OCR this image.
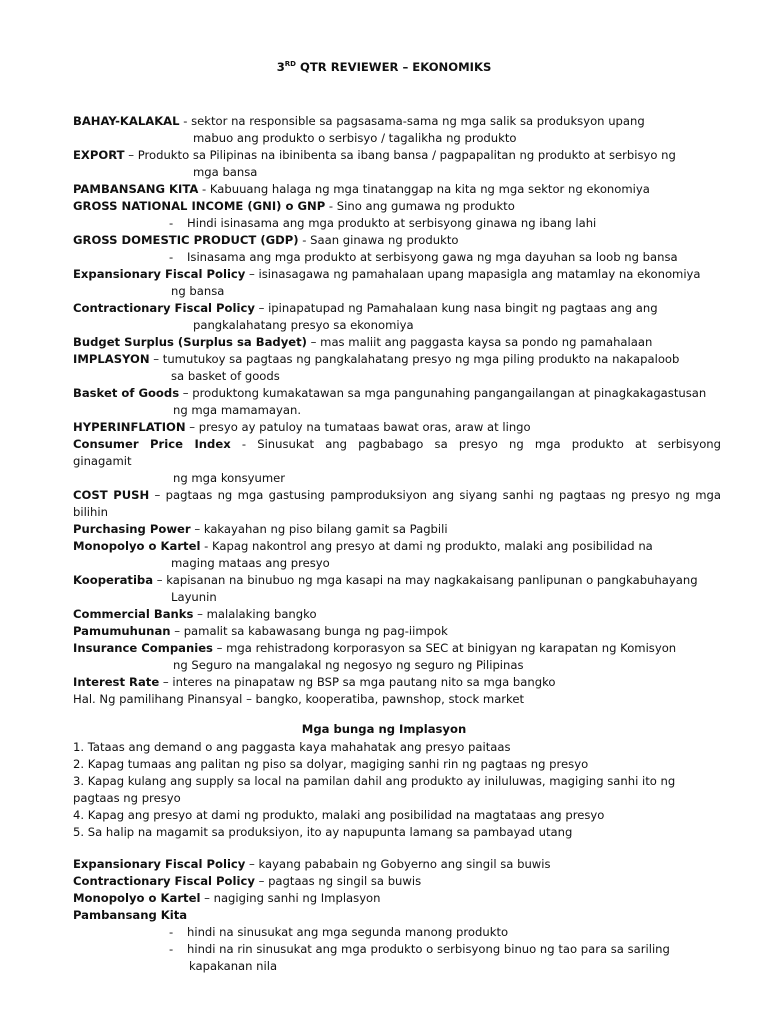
3RD QTR REVIEWER – EKONOMIKS
BAHAY-KALAKAL - sektor na responsible sa pagsasama-sama ng mga salik sa produksyon upang
mabuo ang produkto o serbisyo / tagalikha ng produkto
EXPORT – Produkto sa Pilipinas na ibinibenta sa ibang bansa / pagpapalitan ng produkto at serbisyo ng
mga bansa
PAMBANSANG KITA - Kabuuang halaga ng mga tinatanggap na kita ng mga sektor ng ekonomiya
GROSS NATIONAL INCOME (GNI) o GNP - Sino ang gumawa ng produkto
- Hindi isinasama ang mga produkto at serbisyong ginawa ng ibang lahi
GROSS DOMESTIC PRODUCT (GDP) - Saan ginawa ng produkto
- Isinasama ang mga produkto at serbisyong gawa ng mga dayuhan sa loob ng bansa
Expansionary Fiscal Policy – isinasagawa ng pamahalaan upang mapasigla ang matamlay na ekonomiya
ng bansa
Contractionary Fiscal Policy – ipinapatupad ng Pamahalaan kung nasa bingit ng pagtaas ang ang
pangkalahatang presyo sa ekonomiya
Budget Surplus (Surplus sa Badyet) – mas maliit ang paggasta kaysa sa pondo ng pamahalaan
IMPLASYON – tumutukoy sa pagtaas ng pangkalahatang presyo ng mga piling produkto na nakapaloob
sa basket of goods
Basket of Goods – produktong kumakatawan sa mga pangunahing pangangailangan at pinagkakagastusan
ng mga mamamayan.
HYPERINFLATION – presyo ay patuloy na tumataas bawat oras, araw at lingo
Consumer Price Index - Sinusukat ang pagbabago sa presyo ng mga produkto at serbisyong
ginagamit
ng mga konsyumer
COST PUSH – pagtaas ng mga gastusing pamproduksiyon ang siyang sanhi ng pagtaas ng presyo ng mga
bilihin
Purchasing Power – kakayahan ng piso bilang gamit sa Pagbili
Monopolyo o Kartel - Kapag nakontrol ang presyo at dami ng produkto, malaki ang posibilidad na
maging mataas ang presyo
Kooperatiba – kapisanan na binubuo ng mga kasapi na may nagkakaisang panlipunan o pangkabuhayang
Layunin
Commercial Banks – malalaking bangko
Pamumuhunan – pamalit sa kabawasang bunga ng pag-iimpok
Insurance Companies – mga rehistradong korporasyon sa SEC at binigyan ng karapatan ng Komisyon
ng Seguro na mangalakal ng negosyo ng seguro ng Pilipinas
Interest Rate – interes na pinapataw ng BSP sa mga pautang nito sa mga bangko
Hal. Ng pamilihang Pinansyal – bangko, kooperatiba, pawnshop, stock market
Mga bunga ng Implasyon
1. Tataas ang demand o ang paggasta kaya mahahatak ang presyo paitaas
2. Kapag tumaas ang palitan ng piso sa dolyar, magiging sanhi rin ng pagtaas ng presyo
3. Kapag kulang ang supply sa local na pamilan dahil ang produkto ay iniluluwas, magiging sanhi ito ng
pagtaas ng presyo
4. Kapag ang presyo at dami ng produkto, malaki ang posibilidad na magtataas ang presyo
5. Sa halip na magamit sa produksiyon, ito ay napupunta lamang sa pambayad utang
Expansionary Fiscal Policy – kayang pababain ng Gobyerno ang singil sa buwis
Contractionary Fiscal Policy – pagtaas ng singil sa buwis
Monopolyo o Kartel – nagiging sanhi ng Implasyon
Pambansang Kita
- hindi na sinusukat ang mga segunda manong produkto
- hindi na rin sinusukat ang mga produkto o serbisyong binuo ng tao para sa sariling
kapakanan nila
